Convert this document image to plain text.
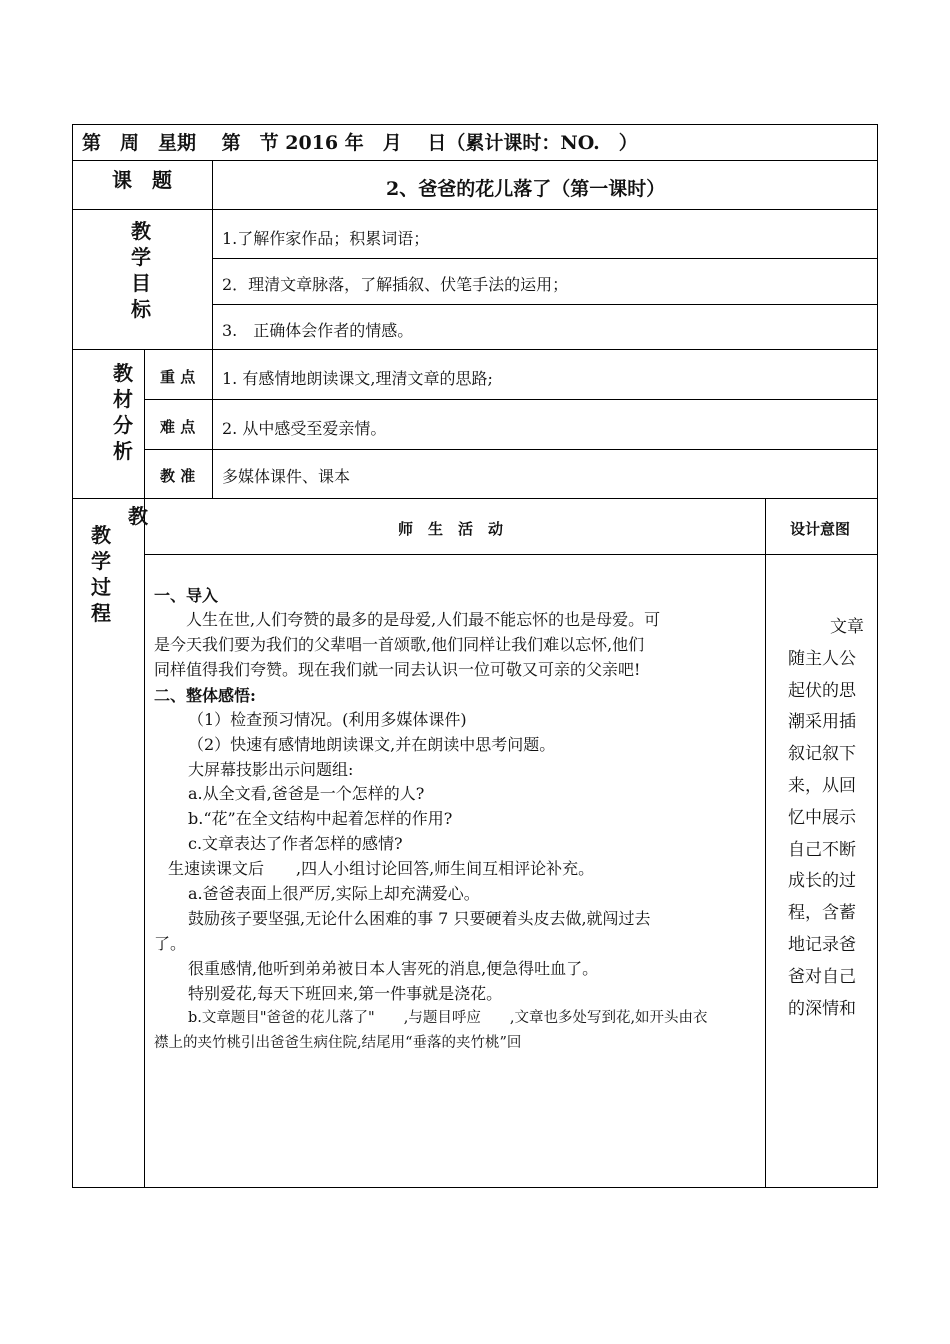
第　周　星期　 第　节 2016 年　月　 日（累计课时：NO.　）
课　题	2、爸爸的花儿落了（第一课时）
教
学
目
标
1.了解作家作品；积累词语；
2．理清文章脉落，了解插叙、伏笔手法的运用；
3.　正确体会作者的情感。
教
材
分
析
重 点 1. 有感情地朗读课文,理清文章的思路;
难 点 2. 从中感受至爱亲情。
教 准 多媒体课件、课本
教
教
学
过
程
师　生　活　动	设计意图
一、导入
人生在世,人们夸赞的最多的是母爱,人们最不能忘怀的也是母爱。可
是今天我们要为我们的父辈唱一首颂歌,他们同样让我们难以忘怀,他们
同样值得我们夸赞。现在我们就一同去认识一位可敬又可亲的父亲吧!
二、整体感悟:
（1）检查预习情况。(利用多媒体课件)
（2）快速有感情地朗读课文,并在朗读中思考问题。
大屏幕技影出示问题组:
a.从全文看,爸爸是一个怎样的人?
b.“花”在全文结构中起着怎样的作用?
c.文章表达了作者怎样的感情?
生速读课文后　　,四人小组讨论回答,师生间互相评论补充。
a.爸爸表面上很严厉,实际上却充满爱心。
鼓励孩子要坚强,无论什么困难的事 7 只要硬着头皮去做,就闯过去
了。
很重感情,他听到弟弟被日本人害死的消息,便急得吐血了。
特别爱花,每天下班回来,第一件事就是浇花。
b.文章题目"爸爸的花儿落了"　　,与题目呼应　　,文章也多处写到花,如开头由衣
襟上的夹竹桃引出爸爸生病住院,结尾用“垂落的夹竹桃”回
文章
随主人公
起伏的思
潮采用插
叙记叙下
来，从回
忆中展示
自己不断
成长的过
程，含蓄
地记录爸
爸对自己
的深情和
